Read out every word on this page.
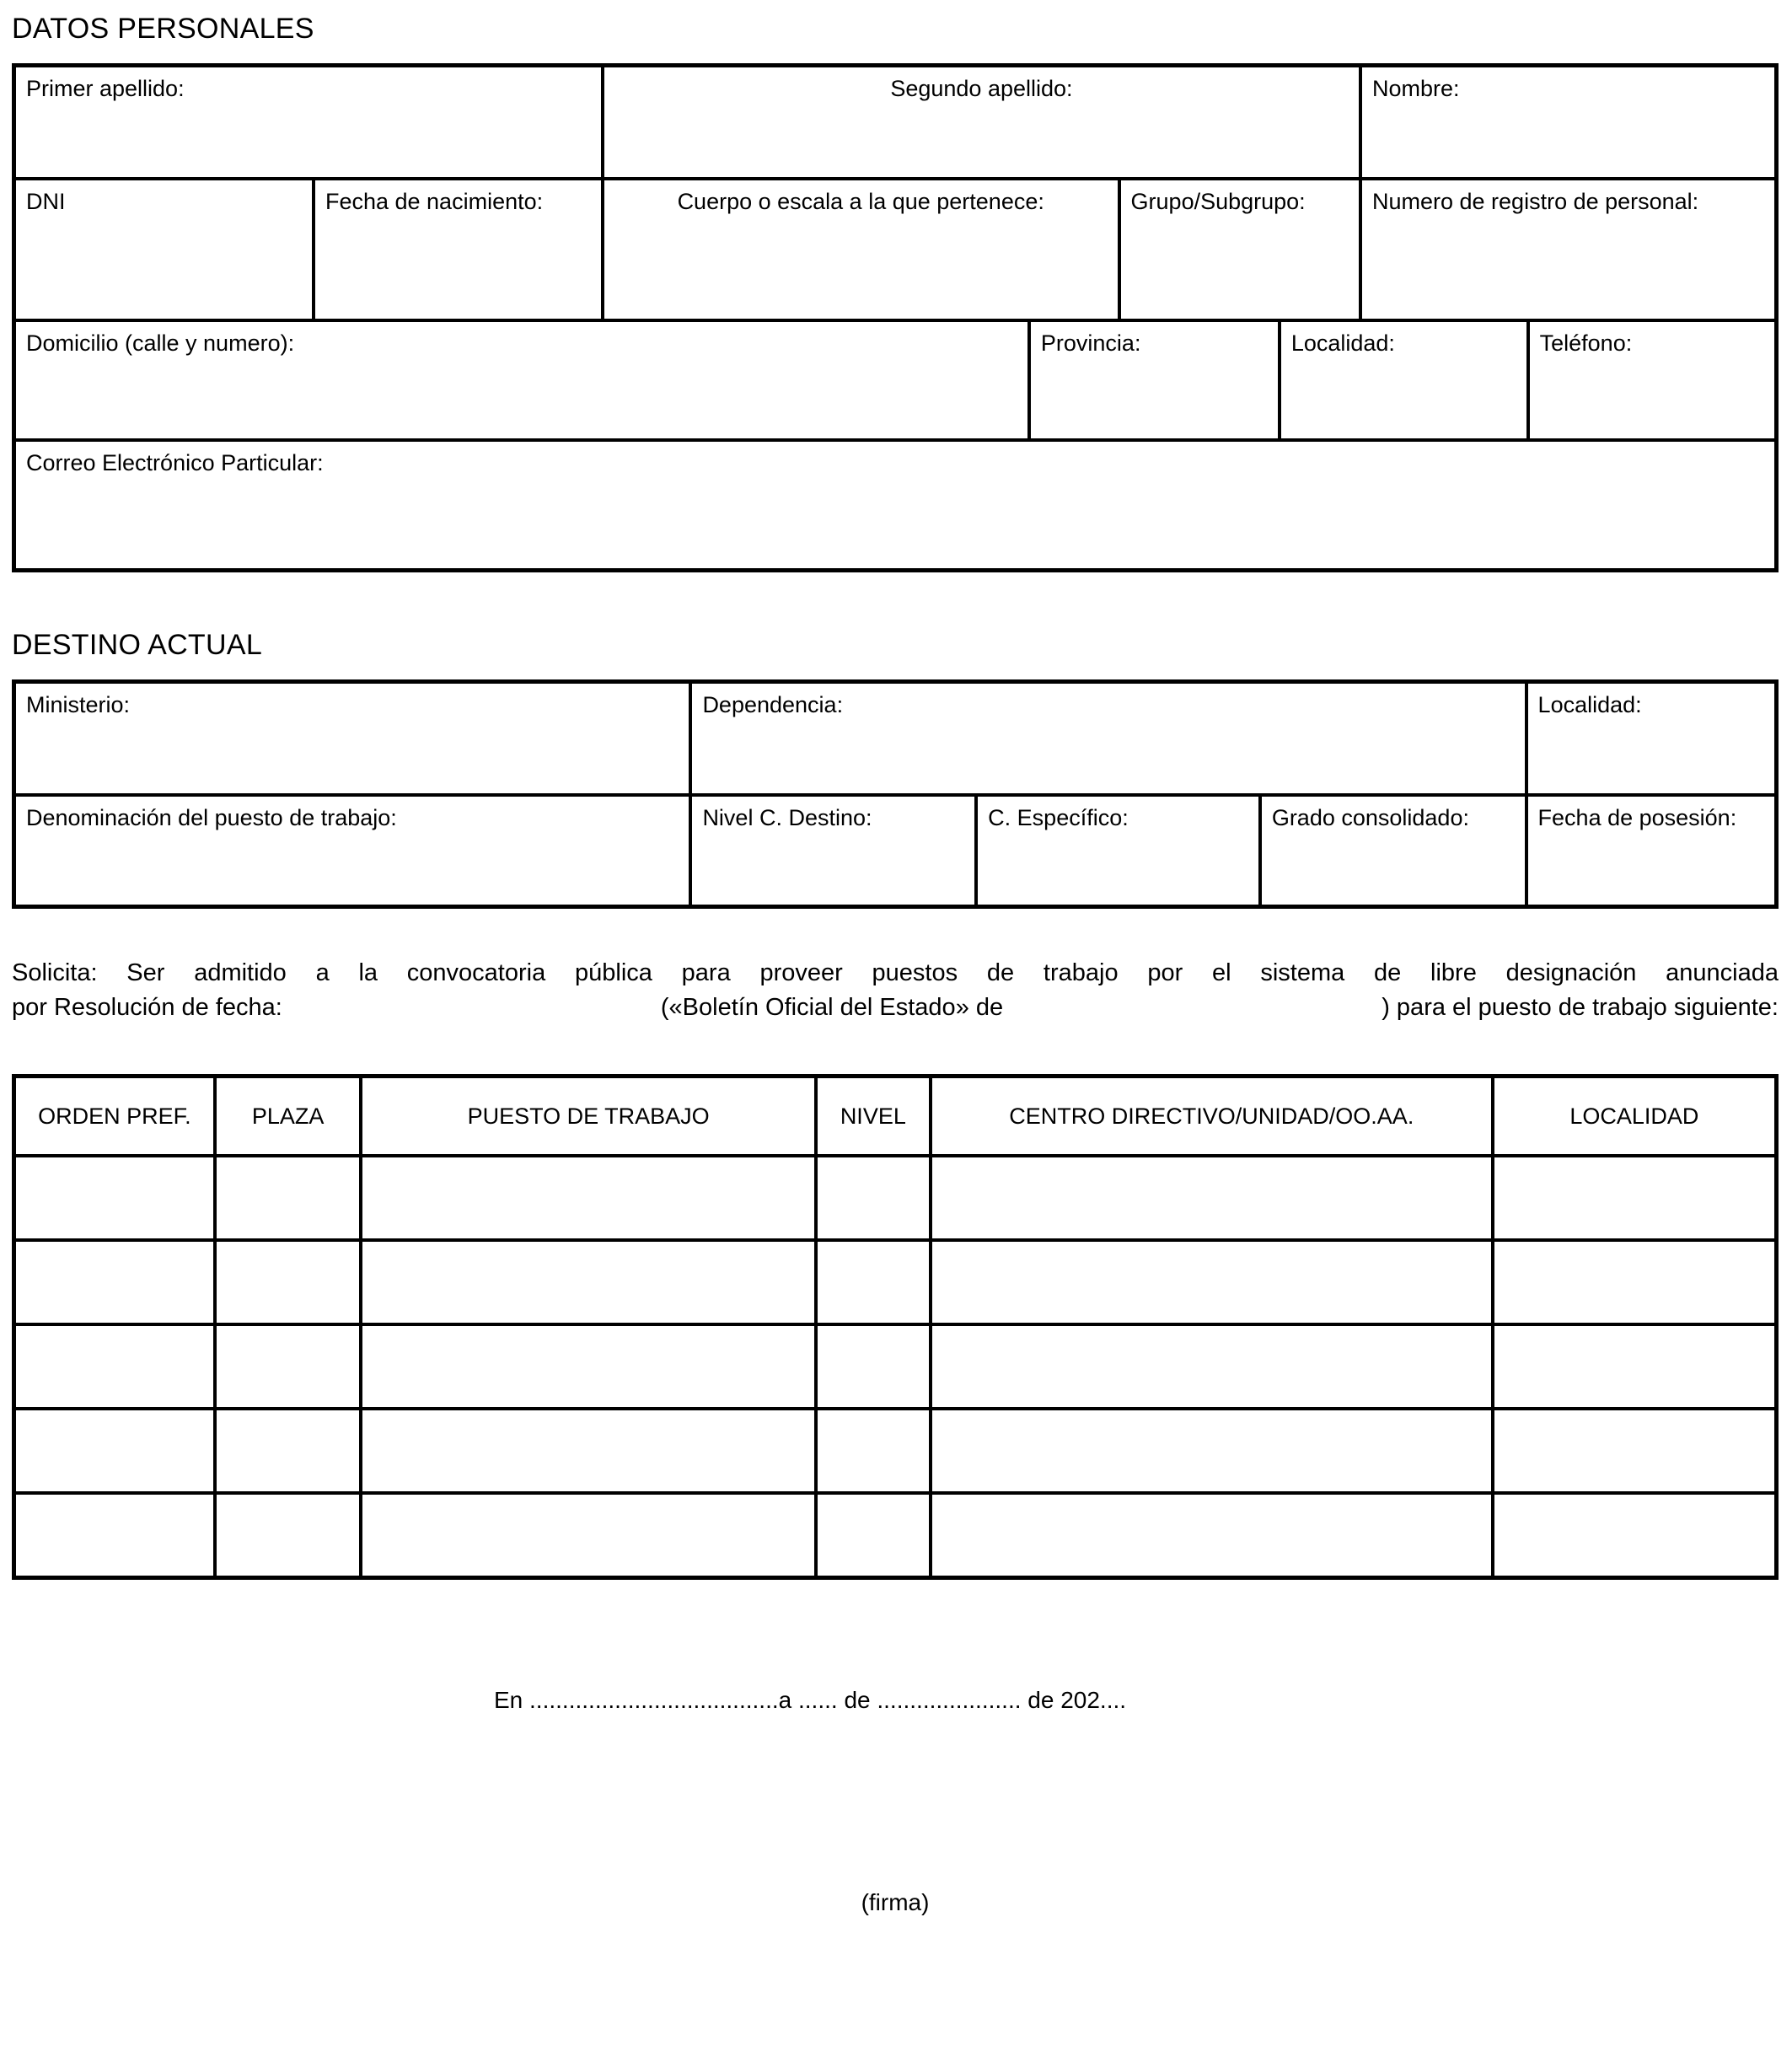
DATOS PERSONALES
Primer apellido:		Segundo apellido:				Nombre:	
DNI	Fecha de nacimiento:	Cuerpo o escala a la que pertenece:		Grupo/Subgrupo:		Numero de registro de personal:	
Domicilio (calle y numero):			Provincia:		Localidad:		Teléfono:
Correo Electrónico Particular:							
DESTINO ACTUAL
Ministerio:	Dependencia:			Localidad:
Denominación del puesto de trabajo:	Nivel C. Destino:	C. Específico:	Grado consolidado:	Fecha de posesión:
Solicita: Ser admitido a la convocatoria pública para proveer puestos de trabajo por el sistema de libre designación anunciada
por Resolución de fecha:	(«Boletín Oficial del Estado» de	) para el puesto de trabajo siguiente:
ORDEN PREF.	PLAZA	PUESTO DE TRABAJO	NIVEL	CENTRO DIRECTIVO/UNIDAD/OO.AA.	LOCALIDAD

En ......................................a ...... de ...................... de 202....
(firma)
